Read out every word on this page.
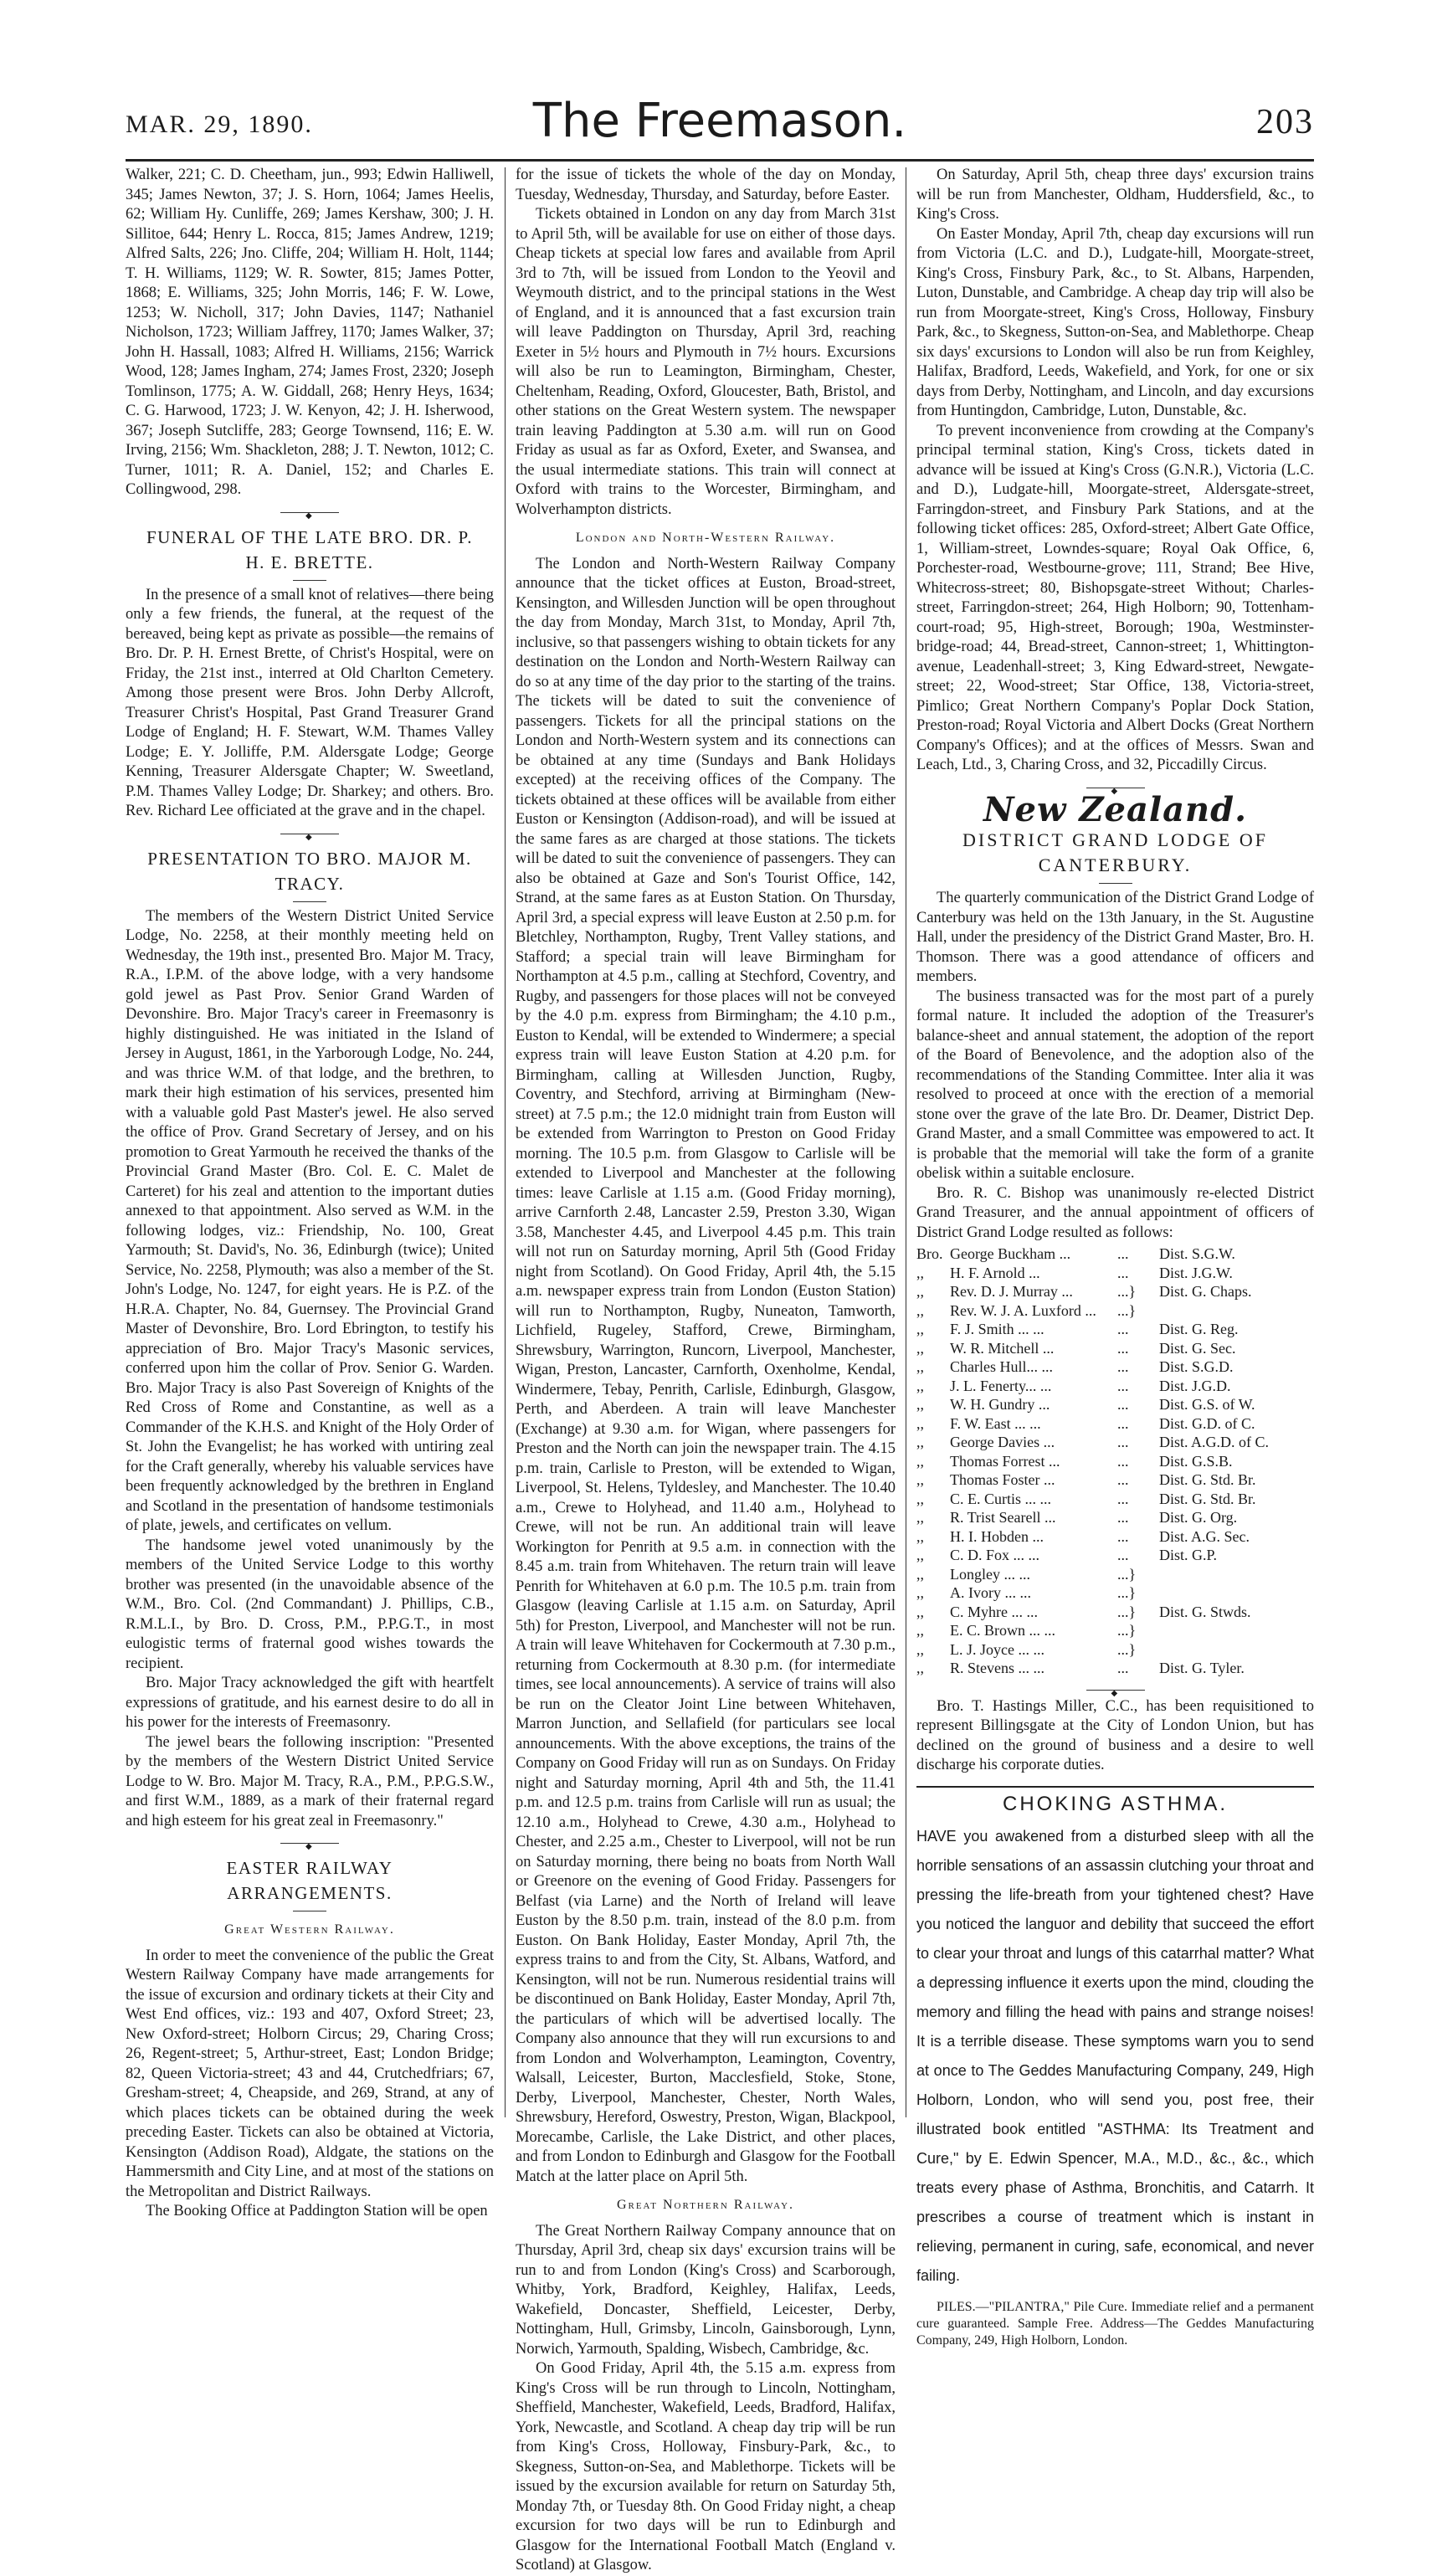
MAR. 29, 1890.	The Freemason.	203

Walker, 221; C. D. Cheetham, jun., 993; Edwin Halliwell, 345; James Newton, 37; J. S. Horn, 1064; James Heelis, 62; William Hy. Cunliffe, 269; James Kershaw, 300; J. H. Sillitoe, 644; Henry L. Rocca, 815; James Andrew, 1219; Alfred Salts, 226; Jno. Cliffe, 204; William H. Holt, 1144; T. H. Williams, 1129; W. R. Sowter, 815; James Potter, 1868; E. Williams, 325; John Morris, 146; F. W. Lowe, 1253; W. Nicholl, 317; John Davies, 1147; Nathaniel Nicholson, 1723; William Jaffrey, 1170; James Walker, 37; John H. Hassall, 1083; Alfred H. Williams, 2156; Warrick Wood, 128; James Ingham, 274; James Frost, 2320; Joseph Tomlinson, 1775; A. W. Giddall, 268; Henry Heys, 1634; C. G. Harwood, 1723; J. W. Kenyon, 42; J. H. Isherwood, 367; Joseph Sutcliffe, 283; George Townsend, 116; E. W. Irving, 2156; Wm. Shackleton, 288; J. T. Newton, 1012; C. Turner, 1011; R. A. Daniel, 152; and Charles E. Collingwood, 298.

◆
FUNERAL OF THE LATE BRO. DR. P. H. E. BRETTE.

In the presence of a small knot of relatives—there being only a few friends, the funeral, at the request of the bereaved, being kept as private as possible—the remains of Bro. Dr. P. H. Ernest Brette, of Christ's Hospital, were on Friday, the 21st inst., interred at Old Charlton Cemetery. Among those present were Bros. John Derby Allcroft, Treasurer Christ's Hospital, Past Grand Treasurer Grand Lodge of England; H. F. Stewart, W.M. Thames Valley Lodge; E. Y. Jolliffe, P.M. Aldersgate Lodge; George Kenning, Treasurer Aldersgate Chapter; W. Sweetland, P.M. Thames Valley Lodge; Dr. Sharkey; and others. Bro. Rev. Richard Lee officiated at the grave and in the chapel.

◆
PRESENTATION TO BRO. MAJOR M. TRACY.

The members of the Western District United Service Lodge, No. 2258, at their monthly meeting held on Wednesday, the 19th inst., presented Bro. Major M. Tracy, R.A., I.P.M. of the above lodge, with a very handsome gold jewel as Past Prov. Senior Grand Warden of Devonshire. Bro. Major Tracy's career in Freemasonry is highly distinguished. He was initiated in the Island of Jersey in August, 1861, in the Yarborough Lodge, No. 244, and was thrice W.M. of that lodge, and the brethren, to mark their high estimation of his services, presented him with a valuable gold Past Master's jewel. He also served the office of Prov. Grand Secretary of Jersey, and on his promotion to Great Yarmouth he received the thanks of the Provincial Grand Master (Bro. Col. E. C. Malet de Carteret) for his zeal and attention to the important duties annexed to that appointment. Also served as W.M. in the following lodges, viz.: Friendship, No. 100, Great Yarmouth; St. David's, No. 36, Edinburgh (twice); United Service, No. 2258, Plymouth; was also a member of the St. John's Lodge, No. 1247, for eight years. He is P.Z. of the H.R.A. Chapter, No. 84, Guernsey. The Provincial Grand Master of Devonshire, Bro. Lord Ebrington, to testify his appreciation of Bro. Major Tracy's Masonic services, conferred upon him the collar of Prov. Senior G. Warden. Bro. Major Tracy is also Past Sovereign of Knights of the Red Cross of Rome and Constantine, as well as a Commander of the K.H.S. and Knight of the Holy Order of St. John the Evangelist; he has worked with untiring zeal for the Craft generally, whereby his valuable services have been frequently acknowledged by the brethren in England and Scotland in the presentation of handsome testimonials of plate, jewels, and certificates on vellum.

The handsome jewel voted unanimously by the members of the United Service Lodge to this worthy brother was presented (in the unavoidable absence of the W.M., Bro. Col. (2nd Commandant) J. Phillips, C.B., R.M.L.I., by Bro. D. Cross, P.M., P.P.G.T., in most eulogistic terms of fraternal good wishes towards the recipient.

Bro. Major Tracy acknowledged the gift with heartfelt expressions of gratitude, and his earnest desire to do all in his power for the interests of Freemasonry.

The jewel bears the following inscription: "Presented by the members of the Western District United Service Lodge to W. Bro. Major M. Tracy, R.A., P.M., P.P.G.S.W., and first W.M., 1889, as a mark of their fraternal regard and high esteem for his great zeal in Freemasonry."

◆
EASTER RAILWAY ARRANGEMENTS.
Great Western Railway.

In order to meet the convenience of the public the Great Western Railway Company have made arrangements for the issue of excursion and ordinary tickets at their City and West End offices, viz.: 193 and 407, Oxford Street; 23, New Oxford-street; Holborn Circus; 29, Charing Cross; 26, Regent-street; 5, Arthur-street, East; London Bridge; 82, Queen Victoria-street; 43 and 44, Crutchedfriars; 67, Gresham-street; 4, Cheapside, and 269, Strand, at any of which places tickets can be obtained during the week preceding Easter. Tickets can also be obtained at Victoria, Kensington (Addison Road), Aldgate, the stations on the Hammersmith and City Line, and at most of the stations on the Metropolitan and District Railways.

The Booking Office at Paddington Station will be open

for the issue of tickets the whole of the day on Monday, Tuesday, Wednesday, Thursday, and Saturday, before Easter.

Tickets obtained in London on any day from March 31st to April 5th, will be available for use on either of those days. Cheap tickets at special low fares and available from April 3rd to 7th, will be issued from London to the Yeovil and Weymouth district, and to the principal stations in the West of England, and it is announced that a fast excursion train will leave Paddington on Thursday, April 3rd, reaching Exeter in 5½ hours and Plymouth in 7½ hours. Excursions will also be run to Leamington, Birmingham, Chester, Cheltenham, Reading, Oxford, Gloucester, Bath, Bristol, and other stations on the Great Western system. The newspaper train leaving Paddington at 5.30 a.m. will run on Good Friday as usual as far as Oxford, Exeter, and Swansea, and the usual intermediate stations. This train will connect at Oxford with trains to the Worcester, Birmingham, and Wolverhampton districts.

London and North-Western Railway.

The London and North-Western Railway Company announce that the ticket offices at Euston, Broad-street, Kensington, and Willesden Junction will be open throughout the day from Monday, March 31st, to Monday, April 7th, inclusive, so that passengers wishing to obtain tickets for any destination on the London and North-Western Railway can do so at any time of the day prior to the starting of the trains. The tickets will be dated to suit the convenience of passengers. Tickets for all the principal stations on the London and North-Western system and its connections can be obtained at any time (Sundays and Bank Holidays excepted) at the receiving offices of the Company. The tickets obtained at these offices will be available from either Euston or Kensington (Addison-road), and will be issued at the same fares as are charged at those stations. The tickets will be dated to suit the convenience of passengers. They can also be obtained at Gaze and Son's Tourist Office, 142, Strand, at the same fares as at Euston Station. On Thursday, April 3rd, a special express will leave Euston at 2.50 p.m. for Bletchley, Northampton, Rugby, Trent Valley stations, and Stafford; a special train will leave Birmingham for Northampton at 4.5 p.m., calling at Stechford, Coventry, and Rugby, and passengers for those places will not be conveyed by the 4.0 p.m. express from Birmingham; the 4.10 p.m., Euston to Kendal, will be extended to Windermere; a special express train will leave Euston Station at 4.20 p.m. for Birmingham, calling at Willesden Junction, Rugby, Coventry, and Stechford, arriving at Birmingham (New-street) at 7.5 p.m.; the 12.0 midnight train from Euston will be extended from Warrington to Preston on Good Friday morning. The 10.5 p.m. from Glasgow to Carlisle will be extended to Liverpool and Manchester at the following times: leave Carlisle at 1.15 a.m. (Good Friday morning), arrive Carnforth 2.48, Lancaster 2.59, Preston 3.30, Wigan 3.58, Manchester 4.45, and Liverpool 4.45 p.m. This train will not run on Saturday morning, April 5th (Good Friday night from Scotland). On Good Friday, April 4th, the 5.15 a.m. newspaper express train from London (Euston Station) will run to Northampton, Rugby, Nuneaton, Tamworth, Lichfield, Rugeley, Stafford, Crewe, Birmingham, Shrewsbury, Warrington, Runcorn, Liverpool, Manchester, Wigan, Preston, Lancaster, Carnforth, Oxenholme, Kendal, Windermere, Tebay, Penrith, Carlisle, Edinburgh, Glasgow, Perth, and Aberdeen. A train will leave Manchester (Exchange) at 9.30 a.m. for Wigan, where passengers for Preston and the North can join the newspaper train. The 4.15 p.m. train, Carlisle to Preston, will be extended to Wigan, Liverpool, St. Helens, Tyldesley, and Manchester. The 10.40 a.m., Crewe to Holyhead, and 11.40 a.m., Holyhead to Crewe, will not be run. An additional train will leave Workington for Penrith at 9.5 a.m. in connection with the 8.45 a.m. train from Whitehaven. The return train will leave Penrith for Whitehaven at 6.0 p.m. The 10.5 p.m. train from Glasgow (leaving Carlisle at 1.15 a.m. on Saturday, April 5th) for Preston, Liverpool, and Manchester will not be run. A train will leave Whitehaven for Cockermouth at 7.30 p.m., returning from Cockermouth at 8.30 p.m. (for intermediate times, see local announcements). A service of trains will also be run on the Cleator Joint Line between Whitehaven, Marron Junction, and Sellafield (for particulars see local announcements. With the above exceptions, the trains of the Company on Good Friday will run as on Sundays. On Friday night and Saturday morning, April 4th and 5th, the 11.41 p.m. and 12.5 p.m. trains from Carlisle will run as usual; the 12.10 a.m., Holyhead to Crewe, 4.30 a.m., Holyhead to Chester, and 2.25 a.m., Chester to Liverpool, will not be run on Saturday morning, there being no boats from North Wall or Greenore on the evening of Good Friday. Passengers for Belfast (via Larne) and the North of Ireland will leave Euston by the 8.50 p.m. train, instead of the 8.0 p.m. from Euston. On Bank Holiday, Easter Monday, April 7th, the express trains to and from the City, St. Albans, Watford, and Kensington, will not be run. Numerous residential trains will be discontinued on Bank Holiday, Easter Monday, April 7th, the particulars of which will be advertised locally. The Company also announce that they will run excursions to and from London and Wolverhampton, Leamington, Coventry, Walsall, Leicester, Burton, Macclesfield, Stoke, Stone, Derby, Liverpool, Manchester, Chester, North Wales, Shrewsbury, Hereford, Oswestry, Preston, Wigan, Blackpool, Morecambe, Carlisle, the Lake District, and other places, and from London to Edinburgh and Glasgow for the Football Match at the latter place on April 5th.

Great Northern Railway.

The Great Northern Railway Company announce that on Thursday, April 3rd, cheap six days' excursion trains will be run to and from London (King's Cross) and Scarborough, Whitby, York, Bradford, Keighley, Halifax, Leeds, Wakefield, Doncaster, Sheffield, Leicester, Derby, Nottingham, Hull, Grimsby, Lincoln, Gainsborough, Lynn, Norwich, Yarmouth, Spalding, Wisbech, Cambridge, &c.

On Good Friday, April 4th, the 5.15 a.m. express from King's Cross will be run through to Lincoln, Nottingham, Sheffield, Manchester, Wakefield, Leeds, Bradford, Halifax, York, Newcastle, and Scotland. A cheap day trip will be run from King's Cross, Holloway, Finsbury-Park, &c., to Skegness, Sutton-on-Sea, and Mablethorpe. Tickets will be issued by the excursion available for return on Saturday 5th, Monday 7th, or Tuesday 8th. On Good Friday night, a cheap excursion for two days will be run to Edinburgh and Glasgow for the International Football Match (England v. Scotland) at Glasgow.

On Saturday, April 5th, cheap three days' excursion trains will be run from Manchester, Oldham, Huddersfield, &c., to King's Cross.

On Easter Monday, April 7th, cheap day excursions will run from Victoria (L.C. and D.), Ludgate-hill, Moorgate-street, King's Cross, Finsbury Park, &c., to St. Albans, Harpenden, Luton, Dunstable, and Cambridge. A cheap day trip will also be run from Moorgate-street, King's Cross, Holloway, Finsbury Park, &c., to Skegness, Sutton-on-Sea, and Mablethorpe. Cheap six days' excursions to London will also be run from Keighley, Halifax, Bradford, Leeds, Wakefield, and York, for one or six days from Derby, Nottingham, and Lincoln, and day excursions from Huntingdon, Cambridge, Luton, Dunstable, &c.

To prevent inconvenience from crowding at the Company's principal terminal station, King's Cross, tickets dated in advance will be issued at King's Cross (G.N.R.), Victoria (L.C. and D.), Ludgate-hill, Moorgate-street, Aldersgate-street, Farringdon-street, and Finsbury Park Stations, and at the following ticket offices: 285, Oxford-street; Albert Gate Office, 1, William-street, Lowndes-square; Royal Oak Office, 6, Porchester-road, Westbourne-grove; 111, Strand; Bee Hive, Whitecross-street; 80, Bishopsgate-street Without; Charles-street, Farringdon-street; 264, High Holborn; 90, Tottenham-court-road; 95, High-street, Borough; 190a, Westminster-bridge-road; 44, Bread-street, Cannon-street; 1, Whittington-avenue, Leadenhall-street; 3, King Edward-street, Newgate-street; 22, Wood-street; Star Office, 138, Victoria-street, Pimlico; Great Northern Company's Poplar Dock Station, Preston-road; Royal Victoria and Albert Docks (Great Northern Company's Offices); and at the offices of Messrs. Swan and Leach, Ltd., 3, Charing Cross, and 32, Piccadilly Circus.

◆
New Zealand.
DISTRICT GRAND LODGE OF CANTERBURY.

The quarterly communication of the District Grand Lodge of Canterbury was held on the 13th January, in the St. Augustine Hall, under the presidency of the District Grand Master, Bro. H. Thomson. There was a good attendance of officers and members.

The business transacted was for the most part of a purely formal nature. It included the adoption of the Treasurer's balance-sheet and annual statement, the adoption of the report of the Board of Benevolence, and the adoption also of the recommendations of the Standing Committee. Inter alia it was resolved to proceed at once with the erection of a memorial stone over the grave of the late Bro. Dr. Deamer, District Dep. Grand Master, and a small Committee was empowered to act. It is probable that the memorial will take the form of a granite obelisk within a suitable enclosure.

Bro. R. C. Bishop was unanimously re-elected District Grand Treasurer, and the annual appointment of officers of District Grand Lodge resulted as follows:

Bro.	George Buckham ...	...	Dist. S.G.W.
,,	H. F. Arnold ...	...	Dist. J.G.W.
,,	Rev. D. J. Murray ...	...}	Dist. G. Chaps.
,,	Rev. W. J. A. Luxford ...	...}	
,,	F. J. Smith ... ...	...	Dist. G. Reg.
,,	W. R. Mitchell ...	...	Dist. G. Sec.
,,	Charles Hull... ...	...	Dist. S.G.D.
,,	J. L. Fenerty... ...	...	Dist. J.G.D.
,,	W. H. Gundry ...	...	Dist. G.S. of W.
,,	F. W. East ... ...	...	Dist. G.D. of C.
,,	George Davies ...	...	Dist. A.G.D. of C.
,,	Thomas Forrest ...	...	Dist. G.S.B.
,,	Thomas Foster ...	...	Dist. G. Std. Br.
,,	C. E. Curtis ... ...	...	Dist. G. Std. Br.
,,	R. Trist Searell ...	...	Dist. G. Org.
,,	H. I. Hobden ...	...	Dist. A.G. Sec.
,,	C. D. Fox ... ...	...	Dist. G.P.
,,	Longley ... ...	...}	
,,	A. Ivory ... ...	...}	
,,	C. Myhre ... ...	...}	Dist. G. Stwds.
,,	E. C. Brown ... ...	...}	
,,	L. J. Joyce ... ...	...}	
,,	R. Stevens ... ...	...	Dist. G. Tyler.
◆

Bro. T. Hastings Miller, C.C., has been requisitioned to represent Billingsgate at the City of London Union, but has declined on the ground of business and a desire to well discharge his corporate duties.

CHOKING ASTHMA.

HAVE you awakened from a disturbed sleep with all the horrible sensations of an assassin clutching your throat and pressing the life-breath from your tightened chest? Have you noticed the languor and debility that succeed the effort to clear your throat and lungs of this catarrhal matter? What a depressing influence it exerts upon the mind, clouding the memory and filling the head with pains and strange noises! It is a terrible disease. These symptoms warn you to send at once to The Geddes Manufacturing Company, 249, High Holborn, London, who will send you, post free, their illustrated book entitled "ASTHMA: Its Treatment and Cure," by E. Edwin Spencer, M.A., M.D., &c., &c., which treats every phase of Asthma, Bronchitis, and Catarrh. It prescribes a course of treatment which is instant in relieving, permanent in curing, safe, economical, and never failing.

PILES.—"PILANTRA," Pile Cure. Immediate relief and a permanent cure guaranteed. Sample Free. Address—The Geddes Manufacturing Company, 249, High Holborn, London.
